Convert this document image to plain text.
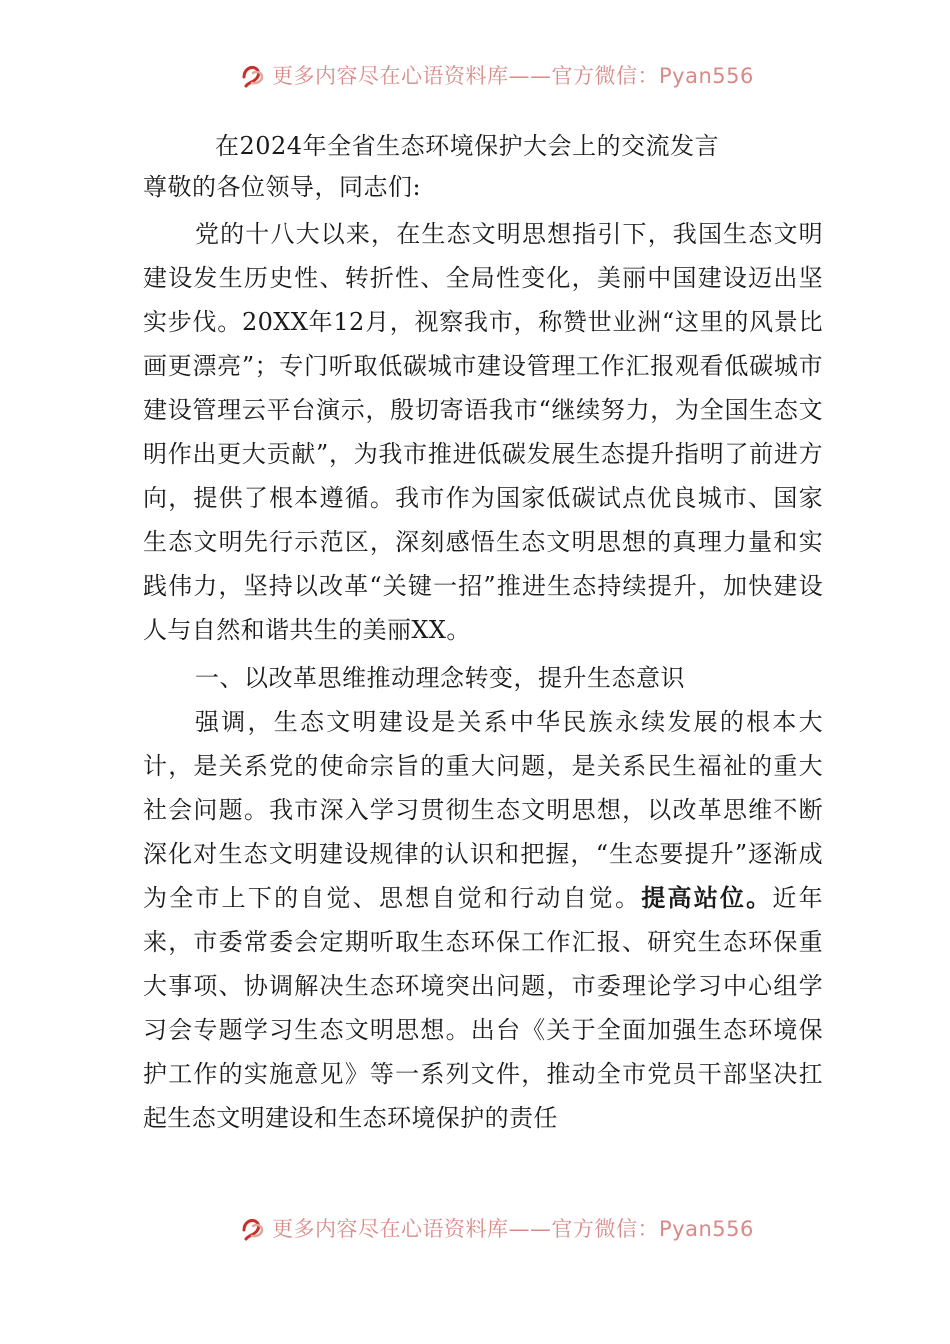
更多内容尽在心语资料库——官方微信：Pyan556
在2024年全省生态环境保护大会上的交流发言
尊敬的各位领导，同志们:

党的十八大以来，在生态文明思想指引下，我国生态文明建设发生历史性、转折性、全局性变化，美丽中国建设迈出坚实步伐。20XX年12月，视察我市，称赞世业洲“这里的风景比画更漂亮”；专门听取低碳城市建设管理工作汇报观看低碳城市建设管理云平台演示，殷切寄语我市“继续努力，为全国生态文明作出更大贡献”，为我市推进低碳发展生态提升指明了前进方向，提供了根本遵循。我市作为国家低碳试点优良城市、国家生态文明先行示范区，深刻感悟生态文明思想的真理力量和实践伟力，坚持以改革“关键一招”推进生态持续提升，加快建设人与自然和谐共生的美丽XX。

一、以改革思维推动理念转变，提升生态意识

强调，生态文明建设是关系中华民族永续发展的根本大计，是关系党的使命宗旨的重大问题，是关系民生福祉的重大社会问题。我市深入学习贯彻生态文明思想，以改革思维不断深化对生态文明建设规律的认识和把握，“生态要提升”逐渐成为全市上下的自觉、思想自觉和行动自觉。提高站位。近年来，市委常委会定期听取生态环保工作汇报、研究生态环保重大事项、协调解决生态环境突出问题，市委理论学习中心组学习会专题学习生态文明思想。出台《关于全面加强生态环境保护工作的实施意见》等一系列文件，推动全市党员干部坚决扛起生态文明建设和生态环境保护的责任

更多内容尽在心语资料库——官方微信：Pyan556
